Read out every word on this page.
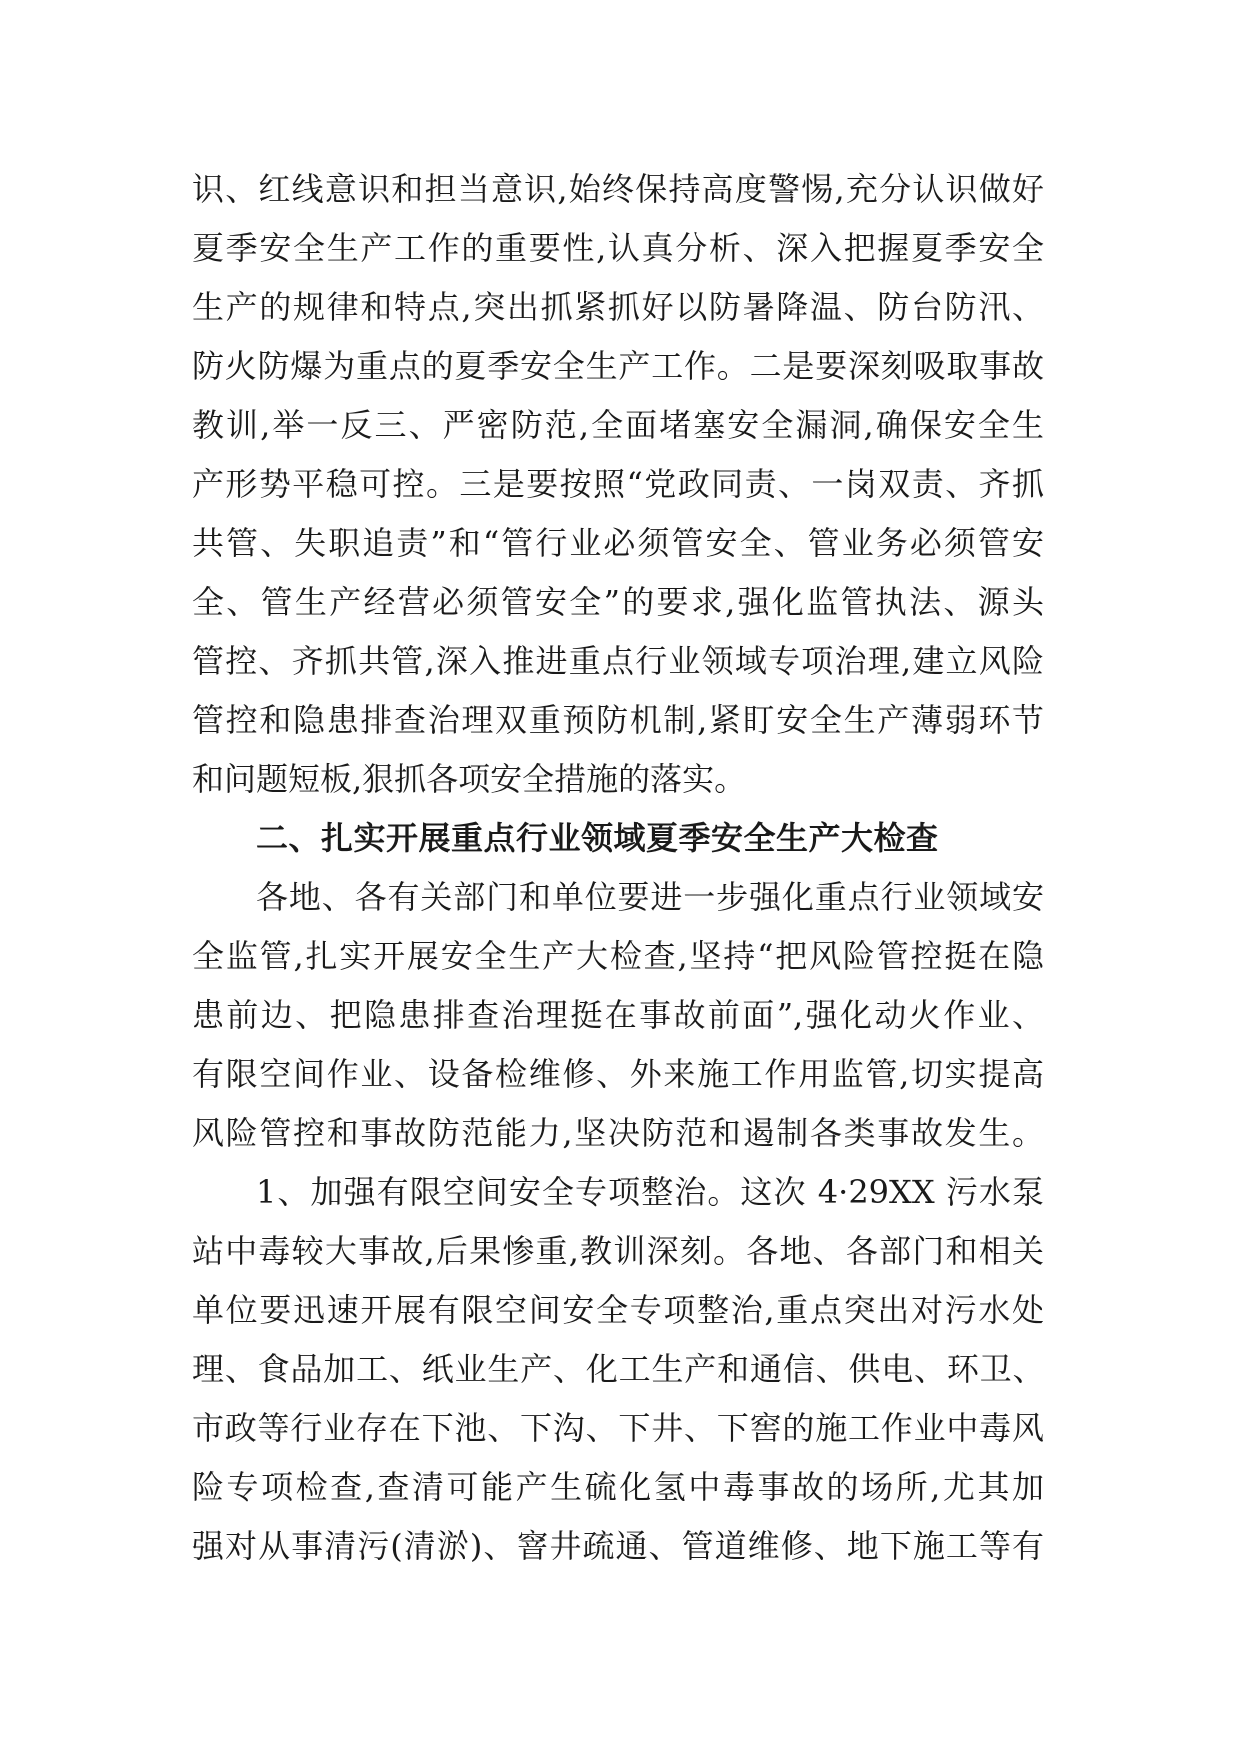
识、红线意识和担当意识,始终保持高度警惕,充分认识做好
夏季安全生产工作的重要性,认真分析、深入把握夏季安全
生产的规律和特点,突出抓紧抓好以防暑降温、防台防汛、
防火防爆为重点的夏季安全生产工作。二是要深刻吸取事故
教训,举一反三、严密防范,全面堵塞安全漏洞,确保安全生
产形势平稳可控。三是要按照“党政同责、一岗双责、齐抓
共管、失职追责”和“管行业必须管安全、管业务必须管安
全、管生产经营必须管安全”的要求,强化监管执法、源头
管控、齐抓共管,深入推进重点行业领域专项治理,建立风险
管控和隐患排查治理双重预防机制,紧盯安全生产薄弱环节
和问题短板,狠抓各项安全措施的落实。
二、扎实开展重点行业领域夏季安全生产大检查
各地、各有关部门和单位要进一步强化重点行业领域安
全监管,扎实开展安全生产大检查,坚持“把风险管控挺在隐
患前边、把隐患排查治理挺在事故前面”,强化动火作业、
有限空间作业、设备检维修、外来施工作用监管,切实提高
风险管控和事故防范能力,坚决防范和遏制各类事故发生。
1、加强有限空间安全专项整治。这次 4·29XX 污水泵
站中毒较大事故,后果惨重,教训深刻。各地、各部门和相关
单位要迅速开展有限空间安全专项整治,重点突出对污水处
理、食品加工、纸业生产、化工生产和通信、供电、环卫、
市政等行业存在下池、下沟、下井、下窖的施工作业中毒风
险专项检查,查清可能产生硫化氢中毒事故的场所,尤其加
强对从事清污(清淤)、窨井疏通、管道维修、地下施工等有
